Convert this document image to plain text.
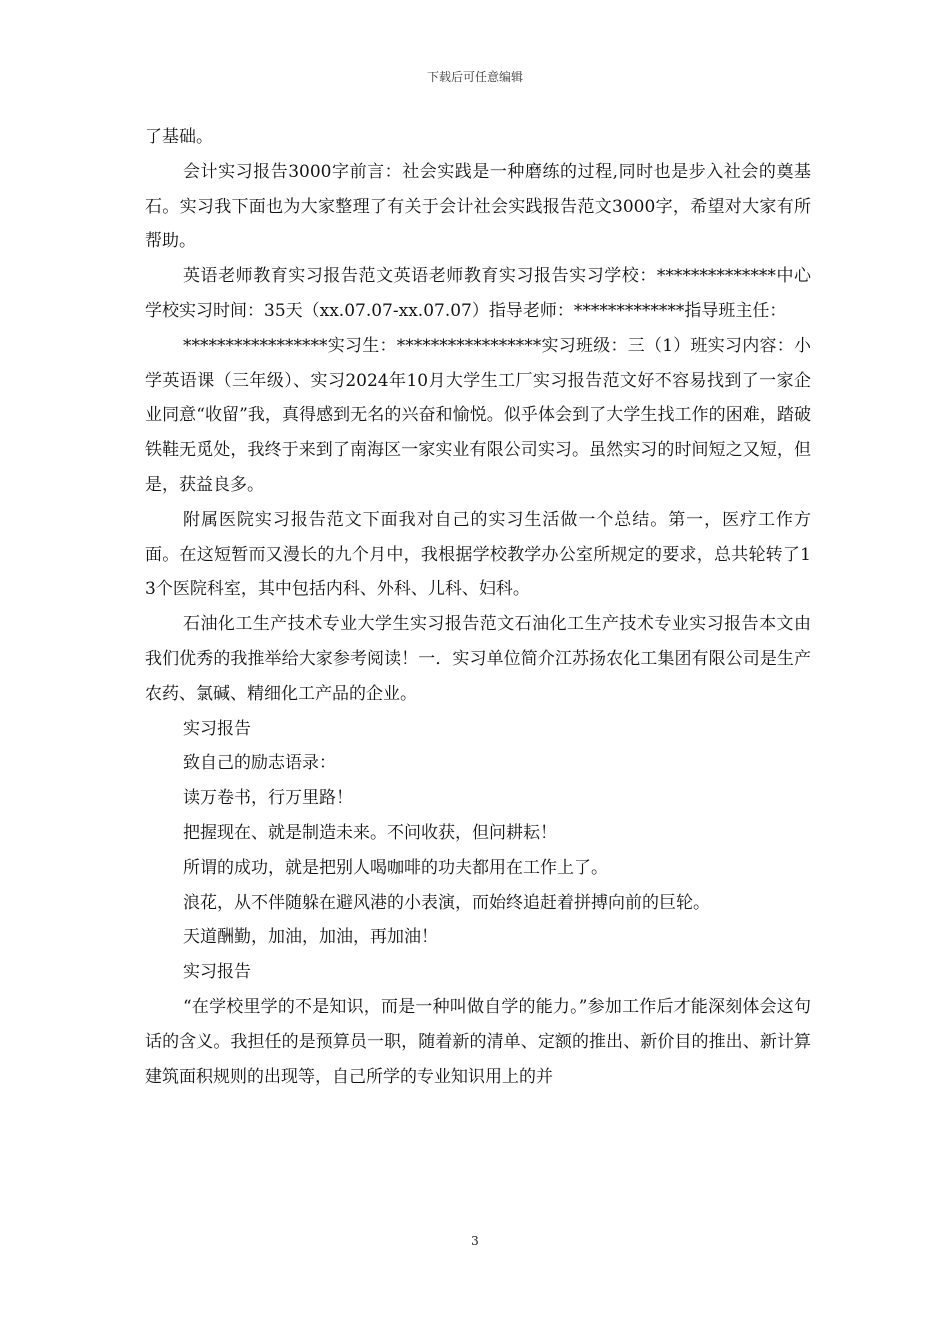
下载后可任意编辑

了基础。

会计实习报告3000字前言：社会实践是一种磨练的过程,同时也是步入社会的奠基石。实习我下面也为大家整理了有关于会计社会实践报告范文3000字，希望对大家有所帮助。

英语老师教育实习报告范文英语老师教育实习报告实习学校：**************中心学校实习时间：35天（xx.07.07-xx.07.07）指导老师：*************指导班主任：

*****************实习生：*****************实习班级：三（1）班实习内容：小学英语课（三年级）、实习2024年10月大学生工厂实习报告范文好不容易找到了一家企业同意“收留”我，真得感到无名的兴奋和愉悦。似乎体会到了大学生找工作的困难，踏破铁鞋无觅处，我终于来到了南海区一家实业有限公司实习。虽然实习的时间短之又短，但是，获益良多。

附属医院实习报告范文下面我对自己的实习生活做一个总结。第一，医疗工作方面。在这短暂而又漫长的九个月中，我根据学校教学办公室所规定的要求，总共轮转了13个医院科室，其中包括内科、外科、儿科、妇科。

石油化工生产技术专业大学生实习报告范文石油化工生产技术专业实习报告本文由我们优秀的我推举给大家参考阅读！一．实习单位简介江苏扬农化工集团有限公司是生产农药、氯碱、精细化工产品的企业。

实习报告

致自己的励志语录：

读万卷书，行万里路！

把握现在、就是制造未来。不问收获，但问耕耘！

所谓的成功，就是把别人喝咖啡的功夫都用在工作上了。

浪花，从不伴随躲在避风港的小表演，而始终追赶着拼搏向前的巨轮。

天道酬勤，加油，加油，再加油！

实习报告

“在学校里学的不是知识，而是一种叫做自学的能力。”参加工作后才能深刻体会这句话的含义。我担任的是预算员一职，随着新的清单、定额的推出、新价目的推出、新计算建筑面积规则的出现等，自己所学的专业知识用上的并

3
